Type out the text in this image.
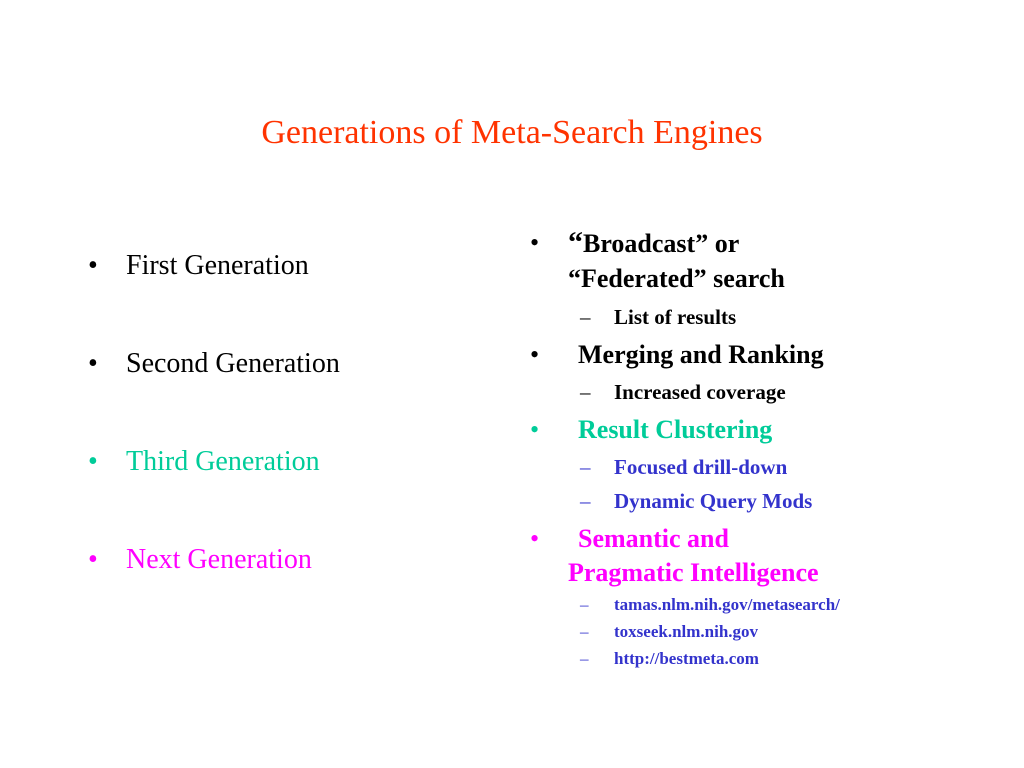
Generations of Meta-Search Engines
• First Generation
• Second Generation
• Third Generation
• Next Generation
• “Broadcast” or
“Federated” search
– List of results
• Merging and Ranking
– Increased coverage
• Result Clustering
– Focused drill-down
– Dynamic Query Mods
• Semantic and
Pragmatic Intelligence
– tamas.nlm.nih.gov/metasearch/
– toxseek.nlm.nih.gov
– http://bestmeta.com
